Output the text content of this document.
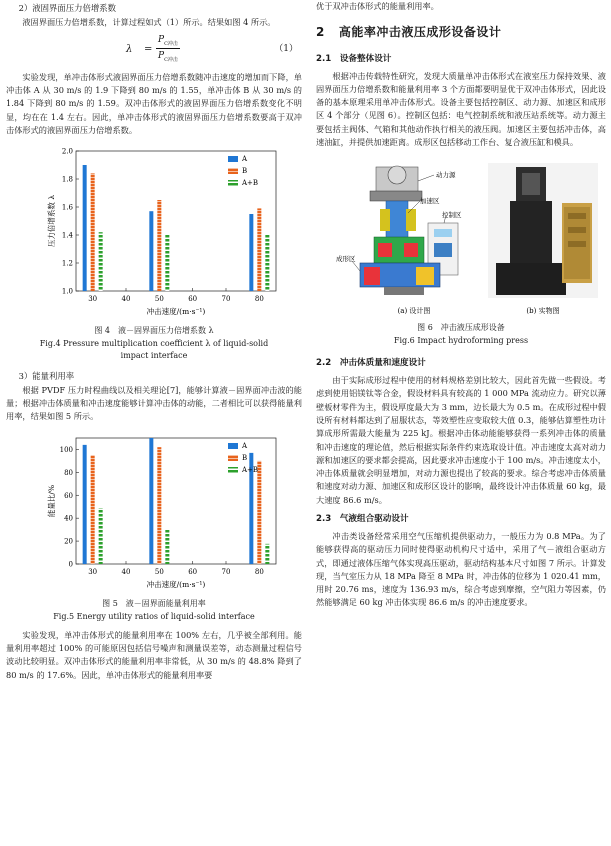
2）液固界面压力倍增系数

液固界面压力倍增系数，计算过程如式（1）所示。结果如图 4 所示。

λ =
$P_{C冲击}$
$P_{C冲击}$
（1）

实验发现，单冲击体形式液固界面压力倍增系数随冲击速度的增加而下降，单冲击体 A 从 30 m/s 的 1.9 下降到 80 m/s 的 1.55，单冲击体 B 从 30 m/s 的 1.84 下降到 80 m/s 的 1.59。双冲击体形式的液固界面压力倍增系数变化不明显，均在在 1.4 左右。因此，单冲击体形式的液固界面压力倍增系数要高于双冲击体形式的液固界面压力倍增系数。

1.0
1.2
1.4
1.6
1.8
2.0
30	40	50	60	70	80
A
B
A+B
冲击速度/(m·s⁻¹)
压力倍增系数 λ
图 4　液－固界面压力倍增系数 λ
Fig.4 Pressure multiplication coefficient λ of liquid-solid impact interface

3）能量利用率

根据 PVDF 压力时程曲线以及相关理论[7]，能够计算液－固界面冲击波的能量；根据冲击体质量和冲击速度能够计算冲击体的动能，二者相比可以获得能量利用率，结果如图 5 所示。

0
20
40
60
80
100
30	40	50	60	70	80
A
B
A+B
冲击速度/(m·s⁻¹)
能量比/%
图 5　液－固界面能量利用率
Fig.5 Energy utility ratios of liquid-solid interface

实验发现，单冲击体形式的能量利用率在 100% 左右，几乎被全部利用。能量利用率超过 100% 的可能原因包括信号噪声和测量误差等，动态测量过程信号波动比较明显。双冲击体形式的能量利用率非常低，从 30 m/s 的 48.8% 降到了 80 m/s 的 17.6%。因此，单冲击体形式的能量利用率要

优于双冲击体形式的能量利用率。

2 高能率冲击液压成形设备设计
2.1　设备整体设计

根据冲击传载特性研究，发现大质量单冲击体形式在液室压力保持效果、液固界面压力倍增系数和能量利用率 3 个方面都要明显优于双冲击体形式，因此设备的基本原理采用单冲击体形式。设备主要包括控制区、动力源、加速区和成形区 4 个部分（见图 6）。控制区包括：电气控制系统和液压站系统等。动力源主要包括主阀体、气箱和其他动作执行相关的液压阀。加速区主要包括冲击体，高速油缸，并提供加速距离。成形区包括移动工作台、复合液压缸和模具。

动力源
加速区
控制区
成形区
(a) 设计图	(b) 实物图
图 6　冲击液压成形设备
Fig.6 Impact hydroforming press
2.2　冲击体质量和速度设计

由于实际成形过程中使用的材料规格差别比较大，因此首先做一些假设。考虑到使用铝镁钛等合金，假设材料具有较高的 1 000 MPa 流动应力。研究以薄壁板材零件为主，假设厚度最大为 3 mm，边长最大为 0.5 m。在成形过程中假设所有材料都达到了屈服状态，等效塑性应变取较大值 0.3，能够估算塑性功计算成形所需最大能量为 225 kJ。根据冲击体动能能够获得一系列冲击体的质量和冲击速度的理论值，然后根据实际条件约束选取设计值。冲击速度太高对动力源和加速区的要求都会提高，因此要求冲击速度小于 100 m/s。冲击速度太小，冲击体质量就会明显增加，对动力源也提出了较高的要求。综合考虑冲击体质量和速度对动力源、加速区和成形区设计的影响，最终设计冲击体质量 60 kg，最大速度 86.6 m/s。

2.3　气液组合驱动设计

冲击类设备经常采用空气压缩机提供驱动力，一般压力为 0.8 MPa。为了能够获得高的驱动压力同时使得驱动机构尺寸适中，采用了气－液组合驱动方式，即通过液体压缩气体实现高压驱动，驱动结构基本尺寸如图 7 所示。计算发现，当气室压力从 18 MPa 降至 8 MPa 时，冲击体的位移为 1 020.41 mm，用时 20.76 ms，速度为 136.93 m/s，综合考虑到摩擦，空气阻力等因素，仍然能够满足 60 kg 冲击体实现 86.6 m/s 的冲击速度要求。
